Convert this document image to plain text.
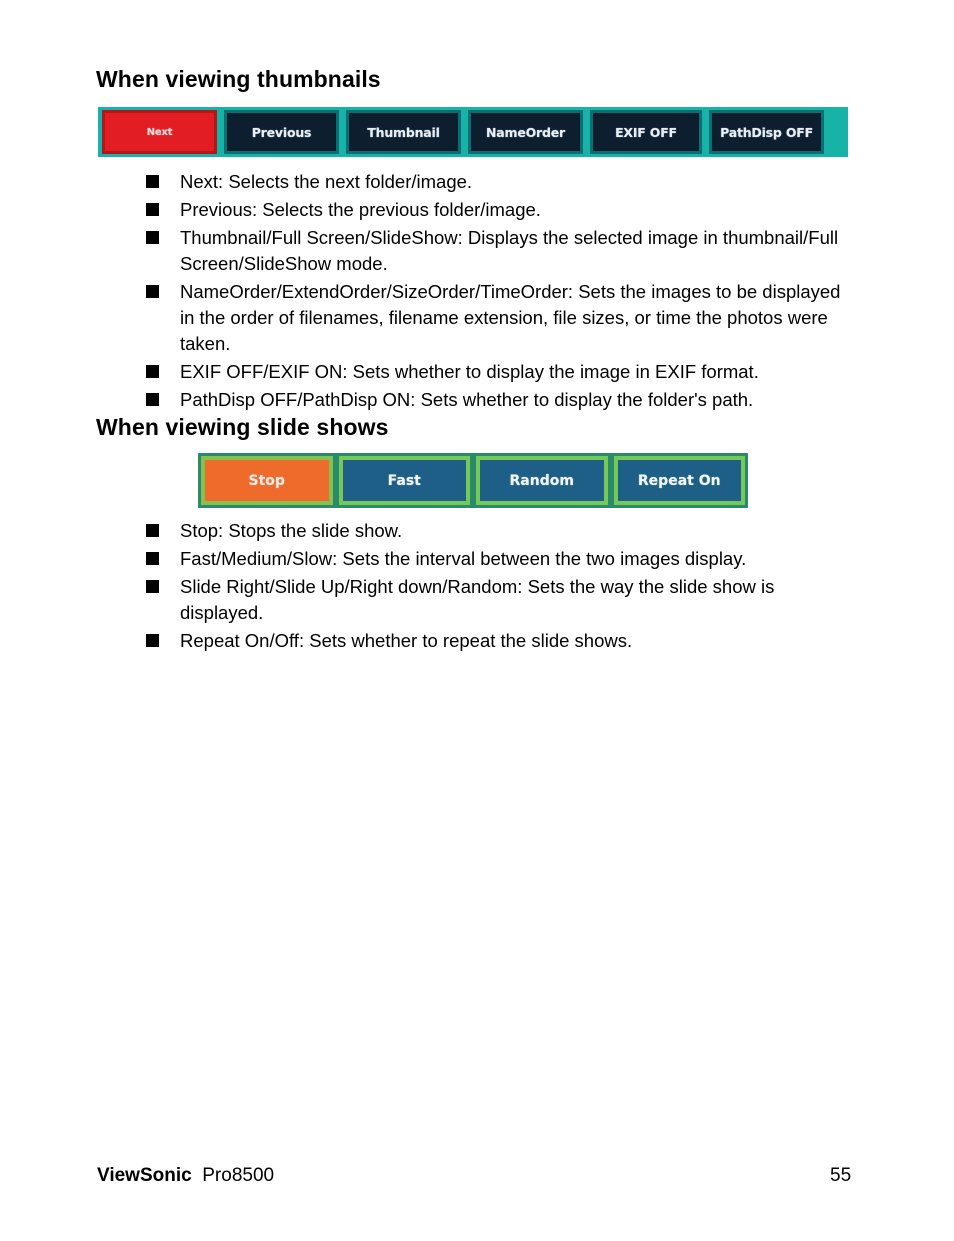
When viewing thumbnails
Next	Previous	Thumbnail	NameOrder	EXIF OFF	PathDisp OFF
Next: Selects the next folder/image.
Previous: Selects the previous folder/image.
Thumbnail/Full Screen/SlideShow: Displays the selected image in thumbnail/Full Screen/SlideShow mode.
NameOrder/ExtendOrder/SizeOrder/TimeOrder: Sets the images to be displayed in the order of filenames, filename extension, file sizes, or time the photos were taken.
EXIF OFF/EXIF ON: Sets whether to display the image in EXIF format.
PathDisp OFF/PathDisp ON: Sets whether to display the folder's path.
When viewing slide shows
Stop	Fast	Random	Repeat On
Stop: Stops the slide show.
Fast/Medium/Slow: Sets the interval between the two images display.
Slide Right/Slide Up/Right down/Random: Sets the way the slide show is displayed.
Repeat On/Off: Sets whether to repeat the slide shows.
ViewSonic Pro8500	55
